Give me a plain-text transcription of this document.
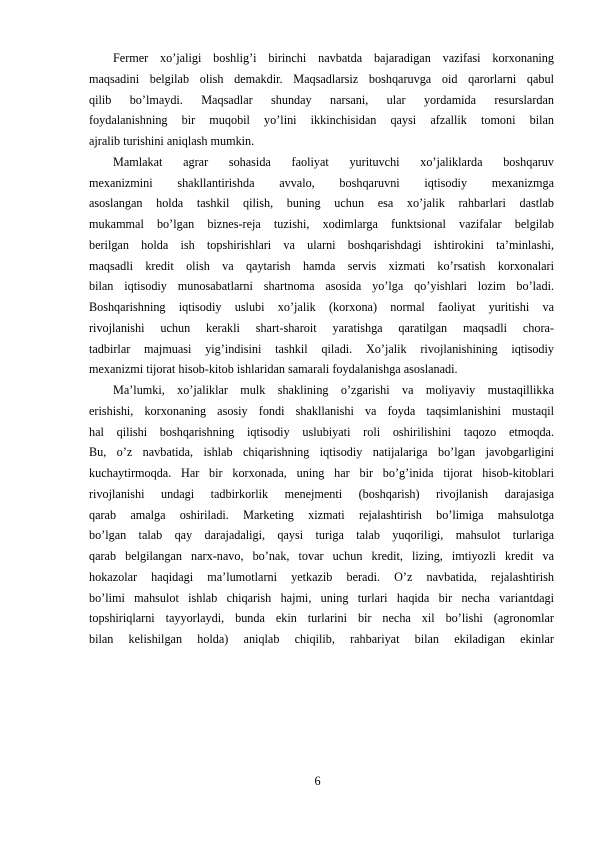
Fermer xo’jaligi boshlig’i birinchi navbatda bajaradigan vazifasi korxonaning
maqsadini belgilab olish demakdir. Maqsadlarsiz boshqaruvga oid qarorlarni qabul
qilib bo’lmaydi. Maqsadlar shunday narsani, ular yordamida resurslardan
foydalanishning bir muqobil yo’lini ikkinchisidan qaysi afzallik tomoni bilan
ajralib turishini aniqlash mumkin.
Mamlakat agrar sohasida faoliyat yurituvchi xo’jaliklarda boshqaruv
mexanizmini shakllantirishda avvalo, boshqaruvni iqtisodiy mexanizmga
asoslangan holda tashkil qilish, buning uchun esa xo’jalik rahbarlari dastlab
mukammal bo’lgan biznes-reja tuzishi, xodimlarga funktsional vazifalar belgilab
berilgan holda ish topshirishlari va ularni boshqarishdagi ishtirokini ta’minlashi,
maqsadli kredit olish va qaytarish hamda servis xizmati ko’rsatish korxonalari
bilan iqtisodiy munosabatlarni shartnoma asosida yo’lga qo’yishlari lozim bo’ladi.
Boshqarishning iqtisodiy uslubi xo’jalik (korxona) normal faoliyat yuritishi va
rivojlanishi uchun kerakli shart-sharoit yaratishga qaratilgan maqsadli chora-
tadbirlar majmuasi yig’indisini tashkil qiladi. Xo’jalik rivojlanishining iqtisodiy
mexanizmi tijorat hisob-kitob ishlaridan samarali foydalanishga asoslanadi.
Ma’lumki, xo’jaliklar mulk shaklining o’zgarishi va moliyaviy mustaqillikka
erishishi, korxonaning asosiy fondi shakllanishi va foyda taqsimlanishini mustaqil
hal qilishi boshqarishning iqtisodiy uslubiyati roli oshirilishini taqozo etmoqda.
Bu, o’z navbatida, ishlab chiqarishning iqtisodiy natijalariga bo’lgan javobgarligini
kuchaytirmoqda. Har bir korxonada, uning har bir bo’g’inida tijorat hisob-kitoblari
rivojlanishi undagi tadbirkorlik menejmenti (boshqarish) rivojlanish darajasiga
qarab amalga oshiriladi. Marketing xizmati rejalashtirish bo’limiga mahsulotga
bo’lgan talab qay darajadaligi, qaysi turiga talab yuqoriligi, mahsulot turlariga
qarab belgilangan narx-navo, bo’nak, tovar uchun kredit, lizing, imtiyozli kredit va
hokazolar haqidagi ma’lumotlarni yetkazib beradi. O’z navbatida, rejalashtirish
bo’limi mahsulot ishlab chiqarish hajmi, uning turlari haqida bir necha variantdagi
topshiriqlarni tayyorlaydi, bunda ekin turlarini bir necha xil bo’lishi (agronomlar
bilan kelishilgan holda) aniqlab chiqilib, rahbariyat bilan ekiladigan ekinlar
6
